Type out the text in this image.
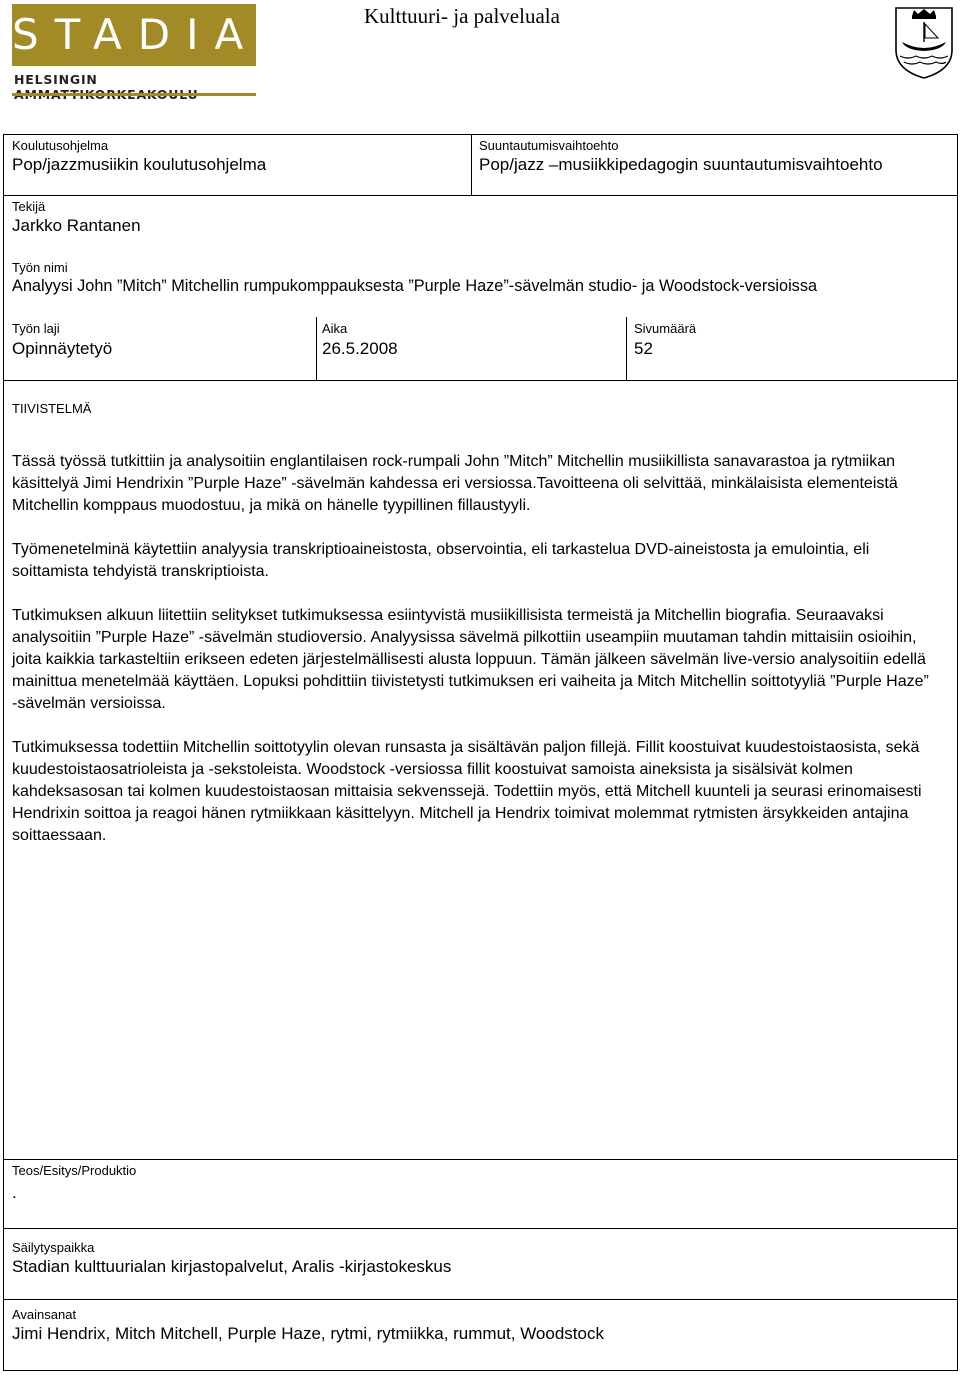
STADIA
HELSINGIN
Kulttuuri- ja palveluala
Koulutusohjelma
Pop/jazzmusiikin koulutusohjelma
Suuntautumisvaihtoehto
Pop/jazz –musiikkipedagogin suuntautumisvaihtoehto
Tekijä
Jarkko Rantanen
Työn nimi
Analyysi John ”Mitch” Mitchellin rumpukomppauksesta ”Purple Haze”-sävelmän studio- ja Woodstock-versioissa
Työn laji
Opinnäytetyö
Aika
26.5.2008
Sivumäärä
52
TIIVISTELMÄ

Tässä työssä tutkittiin ja analysoitiin englantilaisen rock-rumpali John ”Mitch” Mitchellin musiikillista sanavarastoa ja rytmiikan käsittelyä Jimi Hendrixin ”Purple Haze” -sävelmän kahdessa eri versiossa.Tavoitteena oli selvittää, minkälaisista elementeistä Mitchellin komppaus muodostuu, ja mikä on hänelle tyypillinen fillaustyyli.

Työmenetelminä käytettiin analyysia transkriptioaineistosta, observointia, eli tarkastelua DVD-aineistosta ja emulointia, eli soittamista tehdyistä transkriptioista.

Tutkimuksen alkuun liitettiin selitykset tutkimuksessa esiintyvistä musiikillisista termeistä ja Mitchellin biografia. Seuraavaksi analysoitiin ”Purple Haze” -sävelmän studioversio. Analyysissa sävelmä pilkottiin useampiin muutaman tahdin mittaisiin osioihin, joita kaikkia tarkasteltiin erikseen edeten järjestelmällisesti alusta loppuun. Tämän jälkeen sävelmän live-versio analysoitiin edellä mainittua menetelmää käyttäen. Lopuksi pohdittiin tiivistetysti tutkimuksen eri vaiheita ja Mitch Mitchellin soittotyyliä ”Purple Haze” -sävelmän versioissa.

Tutkimuksessa todettiin Mitchellin soittotyylin olevan runsasta ja sisältävän paljon fillejä. Fillit koostuivat kuudestoistaosista, sekä kuudestoistaosatrioleista ja -sekstoleista. Woodstock -versiossa fillit koostuivat samoista aineksista ja sisälsivät kolmen kahdeksasosan tai kolmen kuudestoistaosan mittaisia sekvenssejä. Todettiin myös, että Mitchell kuunteli ja seurasi erinomaisesti Hendrixin soittoa ja reagoi hänen rytmiikkaan käsittelyyn. Mitchell ja Hendrix toimivat molemmat rytmisten ärsykkeiden antajina soittaessaan.

Teos/Esitys/Produktio
.
Säilytyspaikka
Stadian kulttuurialan kirjastopalvelut, Aralis -kirjastokeskus
Avainsanat
Jimi Hendrix, Mitch Mitchell, Purple Haze, rytmi, rytmiikka, rummut, Woodstock
